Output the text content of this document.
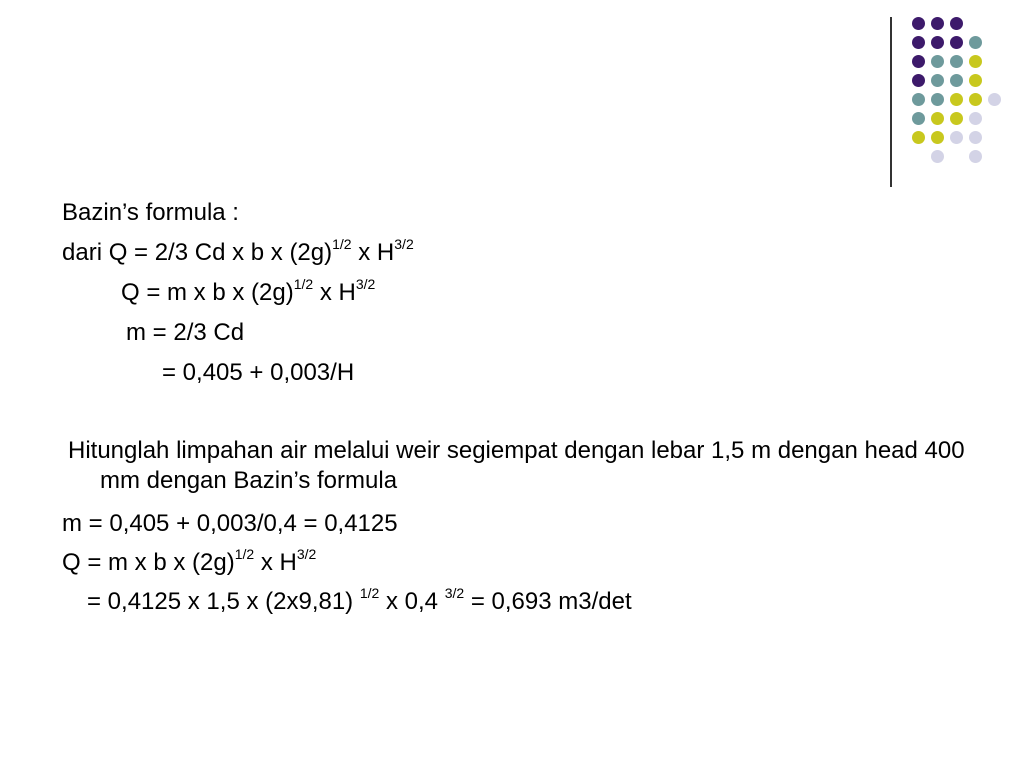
Bazin’s formula :
dari Q = 2/3 Cd x b x $(2g)^{1/2}$ x $H^{3/2}$
Q = m x b x $(2g)^{1/2}$ x $H^{3/2}$
m = 2/3 Cd
= 0,405 + 0,003/H
Hitunglah limpahan air melalui weir segiempat dengan lebar 1,5 m dengan head 400 mm dengan Bazin’s formula
m = 0,405 + 0,003/0,4 = 0,4125
Q = m x b x $(2g)^{1/2}$ x $H^{3/2}$
= 0,4125 x 1,5 x (2x9,81) $^{1/2}$ x 0,4 $^{3/2}$ = 0,693 m3/det
